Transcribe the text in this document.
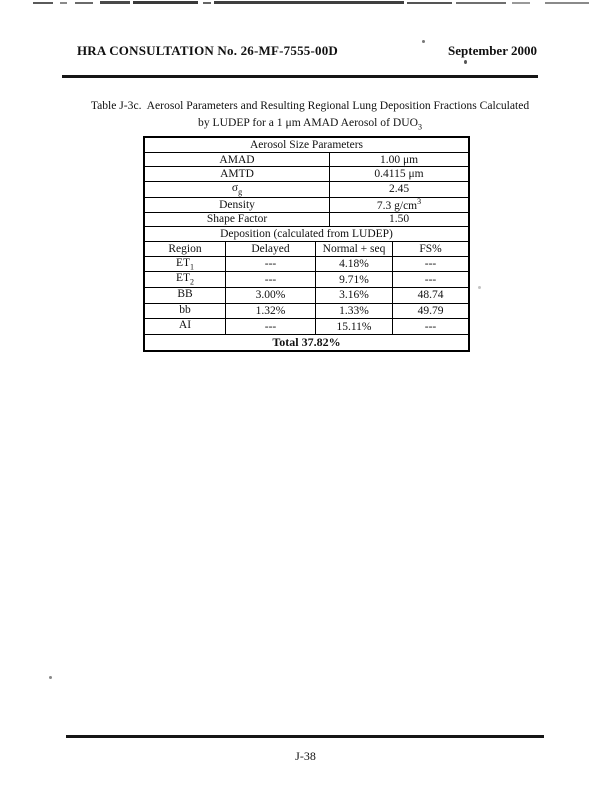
HRA CONSULTATION No. 26-MF-7555-00D	September 2000
Table J-3c.  Aerosol Parameters and Resulting Regional Lung Deposition Fractions Calculated
by LUDEP for a 1 μm AMAD Aerosol of $DUO_3$
Aerosol Size Parameters	
AMAD	1.00 μm
AMTD	0.4115 μm
$\sigma_g$	2.45
Density	7.3 $g/cm^3$
Shape Factor	1.50
Deposition (calculated from LUDEP)			
Region	Delayed	Normal + seq	FS%
$ET_1$	---	4.18%	---
$ET_2$	---	9.71%	---
BB	3.00%	3.16%	48.74
bb	1.32%	1.33%	49.79
AI	---	15.11%	---
Total 37.82%			
J-38
